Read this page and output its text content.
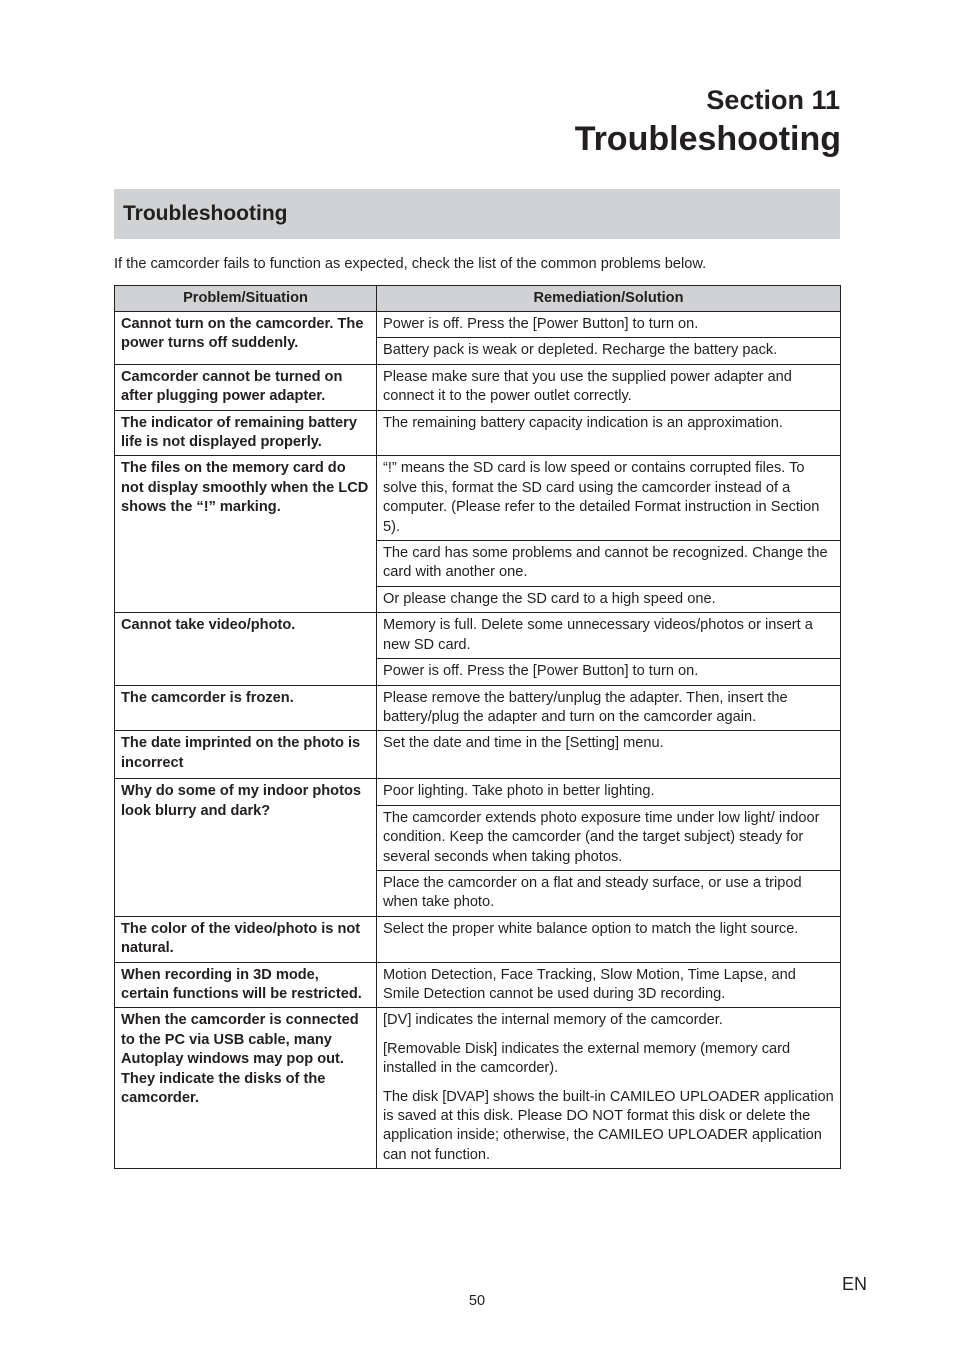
Section 11
Troubleshooting
Troubleshooting

If the camcorder fails to function as expected, check the list of the common problems below.

Problem/Situation	Remediation/Solution
Cannot turn on the camcorder. The power turns off suddenly.	Power is off. Press the [Power Button] to turn on.
	Battery pack is weak or depleted. Recharge the battery pack.
Camcorder cannot be turned on after plugging power adapter.	Please make sure that you use the supplied power adapter and connect it to the power outlet correctly.
The indicator of remaining battery life is not displayed properly.	The remaining battery capacity indication is an approximation.
The files on the memory card do not display smoothly when the LCD shows the “!” marking.	“!” means the SD card is low speed or contains corrupted files. To solve this, format the SD card using the camcorder instead of a computer. (Please refer to the detailed Format instruction in Section 5).
	The card has some problems and cannot be recognized. Change the card with another one.
	Or please change the SD card to a high speed one.
Cannot take video/photo.	Memory is full. Delete some unnecessary videos/photos or insert a new SD card.
	Power is off. Press the [Power Button] to turn on.
The camcorder is frozen.	Please remove the battery/unplug the adapter. Then, insert the battery/plug the adapter and turn on the camcorder again.
The date imprinted on the photo is incorrect	Set the date and time in the [Setting] menu.
Why do some of my indoor photos look blurry and dark?	Poor lighting. Take photo in better lighting.
	The camcorder extends photo exposure time under low light/ indoor condition. Keep the camcorder (and the target subject) steady for several seconds when taking photos.
	Place the camcorder on a flat and steady surface, or use a tripod when take photo.
The color of the video/photo is not natural.	Select the proper white balance option to match the light source.
When recording in 3D mode, certain functions will be restricted.	Motion Detection, Face Tracking, Slow Motion, Time Lapse, and Smile Detection cannot be used during 3D recording.
When the camcorder is connected to the PC via USB cable, many Autoplay windows may pop out. They indicate the disks of the camcorder.	[DV] indicates the internal memory of the camcorder.

[Removable Disk] indicates the external memory (memory card installed in the camcorder).

The disk [DVAP] shows the built-in CAMILEO UPLOADER application is saved at this disk. Please DO NOT format this disk or delete the application inside; otherwise, the CAMILEO UPLOADER application can not function.

50
EN
